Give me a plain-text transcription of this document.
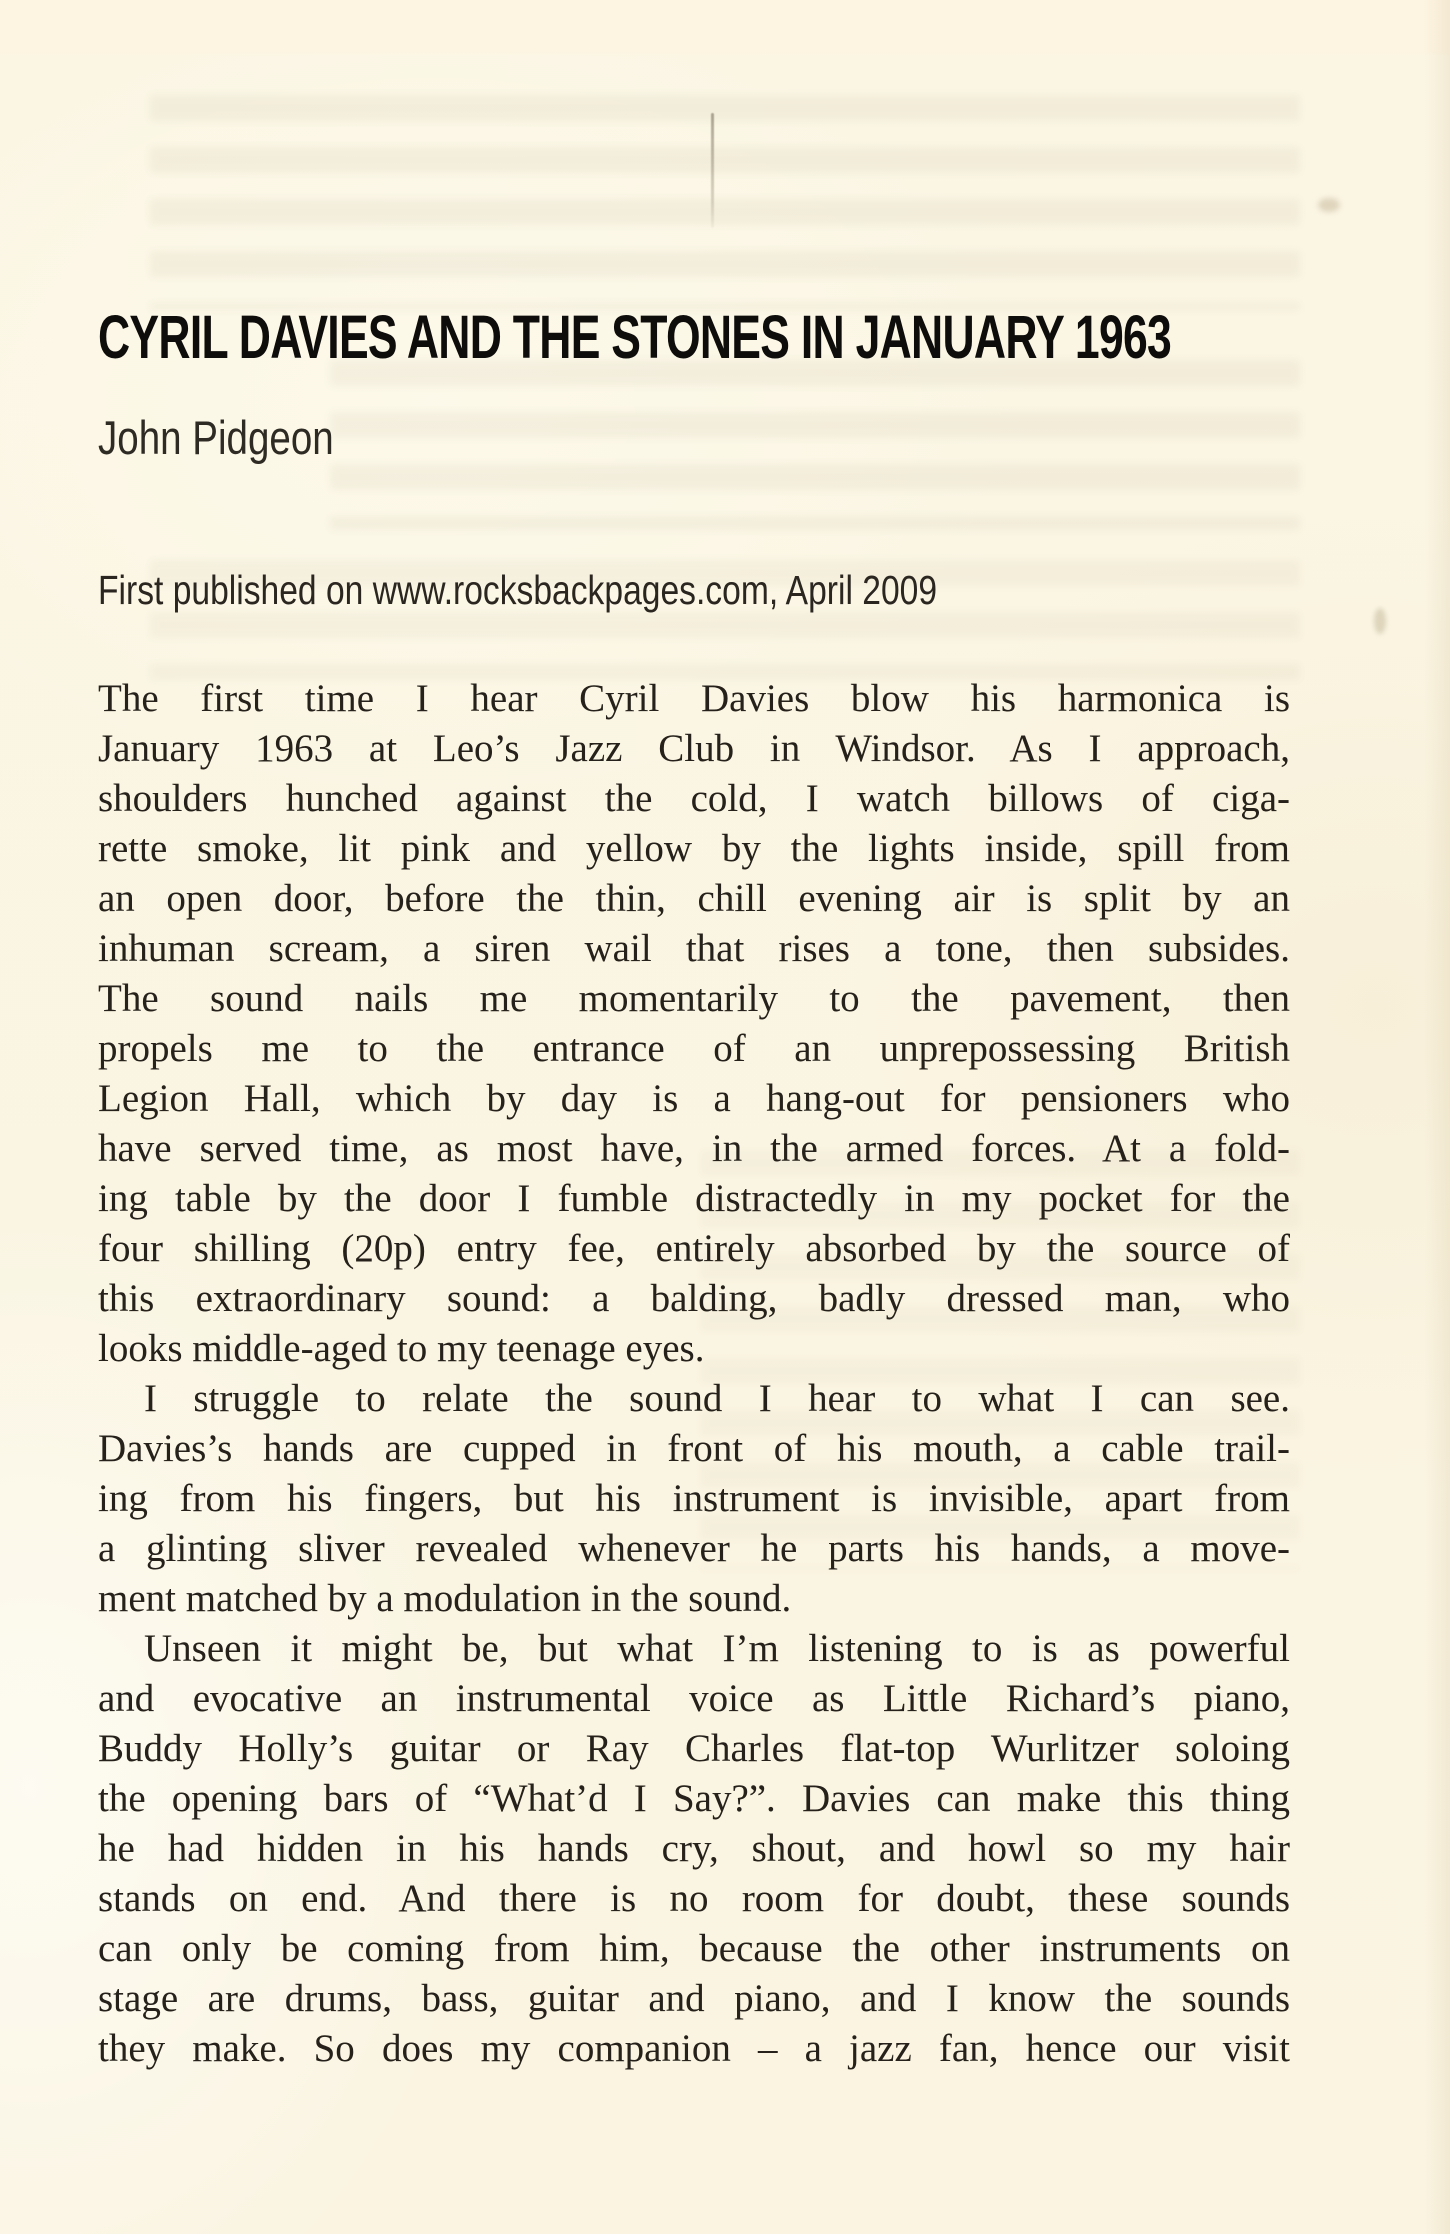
CYRIL DAVIES AND THE STONES IN JANUARY 1963
John Pidgeon
First published on www.rocksbackpages.com, April 2009
The first time I hear Cyril Davies blow his harmonica is
January 1963 at Leo’s Jazz Club in Windsor. As I approach,
shoulders hunched against the cold, I watch billows of ciga-
rette smoke, lit pink and yellow by the lights inside, spill from
an open door, before the thin, chill evening air is split by an
inhuman scream, a siren wail that rises a tone, then subsides.
The sound nails me momentarily to the pavement, then
propels me to the entrance of an unprepossessing British
Legion Hall, which by day is a hang-out for pensioners who
have served time, as most have, in the armed forces. At a fold-
ing table by the door I fumble distractedly in my pocket for the
four shilling (20p) entry fee, entirely absorbed by the source of
this extraordinary sound: a balding, badly dressed man, who
looks middle-aged to my teenage eyes.
I struggle to relate the sound I hear to what I can see.
Davies’s hands are cupped in front of his mouth, a cable trail-
ing from his fingers, but his instrument is invisible, apart from
a glinting sliver revealed whenever he parts his hands, a move-
ment matched by a modulation in the sound.
Unseen it might be, but what I’m listening to is as powerful
and evocative an instrumental voice as Little Richard’s piano,
Buddy Holly’s guitar or Ray Charles flat-top Wurlitzer soloing
the opening bars of “What’d I Say?”. Davies can make this thing
he had hidden in his hands cry, shout, and howl so my hair
stands on end. And there is no room for doubt, these sounds
can only be coming from him, because the other instruments on
stage are drums, bass, guitar and piano, and I know the sounds
they make. So does my companion – a jazz fan, hence our visit
